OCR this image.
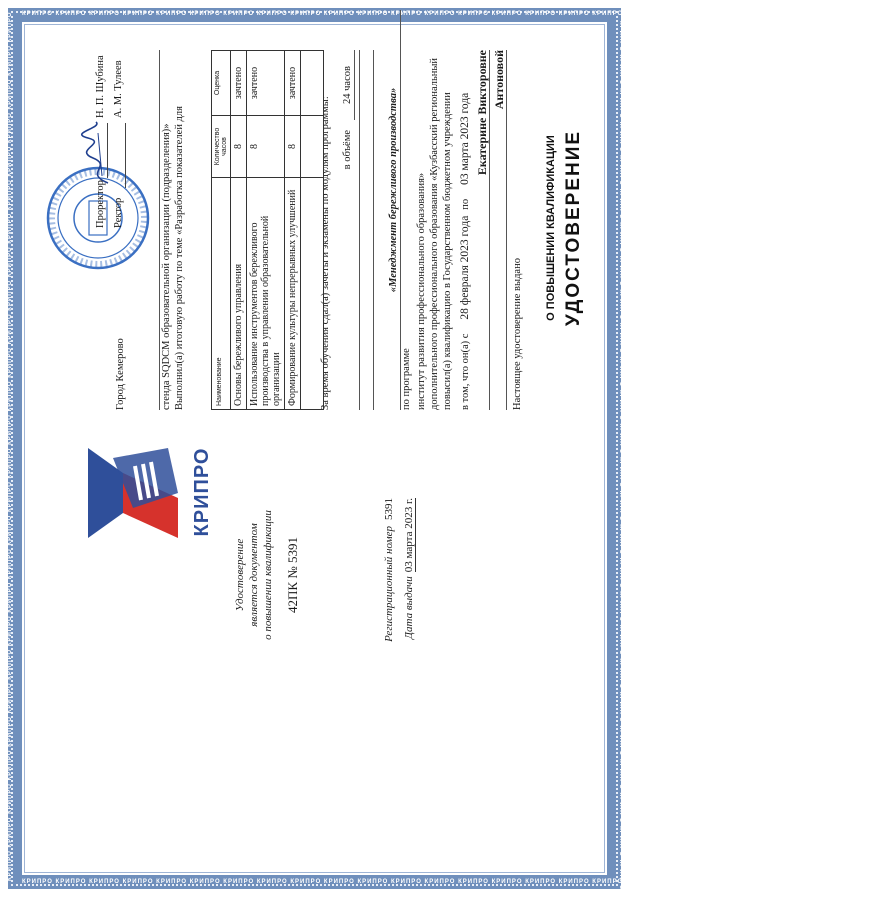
КРИПРО КРИПРО КРИПРО КРИПРО КРИПРО КРИПРО КРИПРО КРИПРО КРИПРО КРИПРО КРИПРО КРИПРО КРИПРО КРИПРО КРИПРО КРИПРО КРИПРО КРИПРО КРИПРО КРИПРО КРИПРО КРИПРО КРИПРО КРИПРО КРИПРО КРИПРО
КРИПРО КРИПРО КРИПРО КРИПРО КРИПРО КРИПРО КРИПРО КРИПРО КРИПРО КРИПРО КРИПРО КРИПРО КРИПРО КРИПРО КРИПРО КРИПРО КРИПРО КРИПРО КРИПРО КРИПРО КРИПРО КРИПРО КРИПРО КРИПРО КРИПРО КРИПРО
КРИПРО КРИПРО КРИПРО КРИПРО КРИПРО КРИПРО КРИПРО КРИПРО КРИПРО КРИПРО КРИПРО КРИПРО КРИПРО КРИПРО КРИПРО КРИПРО КРИПРО КРИПРО КРИПРО КРИПРО КРИПРО КРИПРО КРИПРО КРИПРО КРИПРО КРИПРО	КРИПРО КРИПРО КРИПРО КРИПРО КРИПРО КРИПРО КРИПРО КРИПРО КРИПРО КРИПРО КРИПРО КРИПРО КРИПРО КРИПРО КРИПРО КРИПРО КРИПРО КРИПРО КРИПРО КРИПРО КРИПРО КРИПРО КРИПРО КРИПРО КРИПРО КРИПРО
КРИПРО
Удостоверение является документом о повышении квалификации 42ПК № 5391	Регистрационный номер5391
Дата выдачи03 марта 2023 г.
УДОСТОВЕРЕНИЕ
О ПОВЫШЕНИИ КВАЛИФИКАЦИИ
Настоящее удостоверение выдано
Антоновой
Екатерине Викторовне
в том, что он(а) с28 февраля 2023 годапо03 марта 2023 года
повысил(а) квалификацию в Государственном бюджетном учреждении
дополнительного профессионального образования «Кузбасский региональный
институт развития профессионального образования»
по программе
«Менеджмент бережливого производства»
в объёме24 часов
За время обучения сдал(а) зачеты и экзамены по модулям программы:
Наименование	Количество часов	Оценка
Основы бережливого управления	8	зачтено
Использование инструментов бережливого производства в управлении образовательной организации	8	зачтено
Формирование культуры непрерывных улучшений	8	зачтено

Выполнил(а) итоговую работу по теме «Разработка показателей для
стенда SQDCM образовательной организации (подразделения)»
Город Кемерово
Ректор
А. М. Тулеев
Проректор
Н. П. Шубина
